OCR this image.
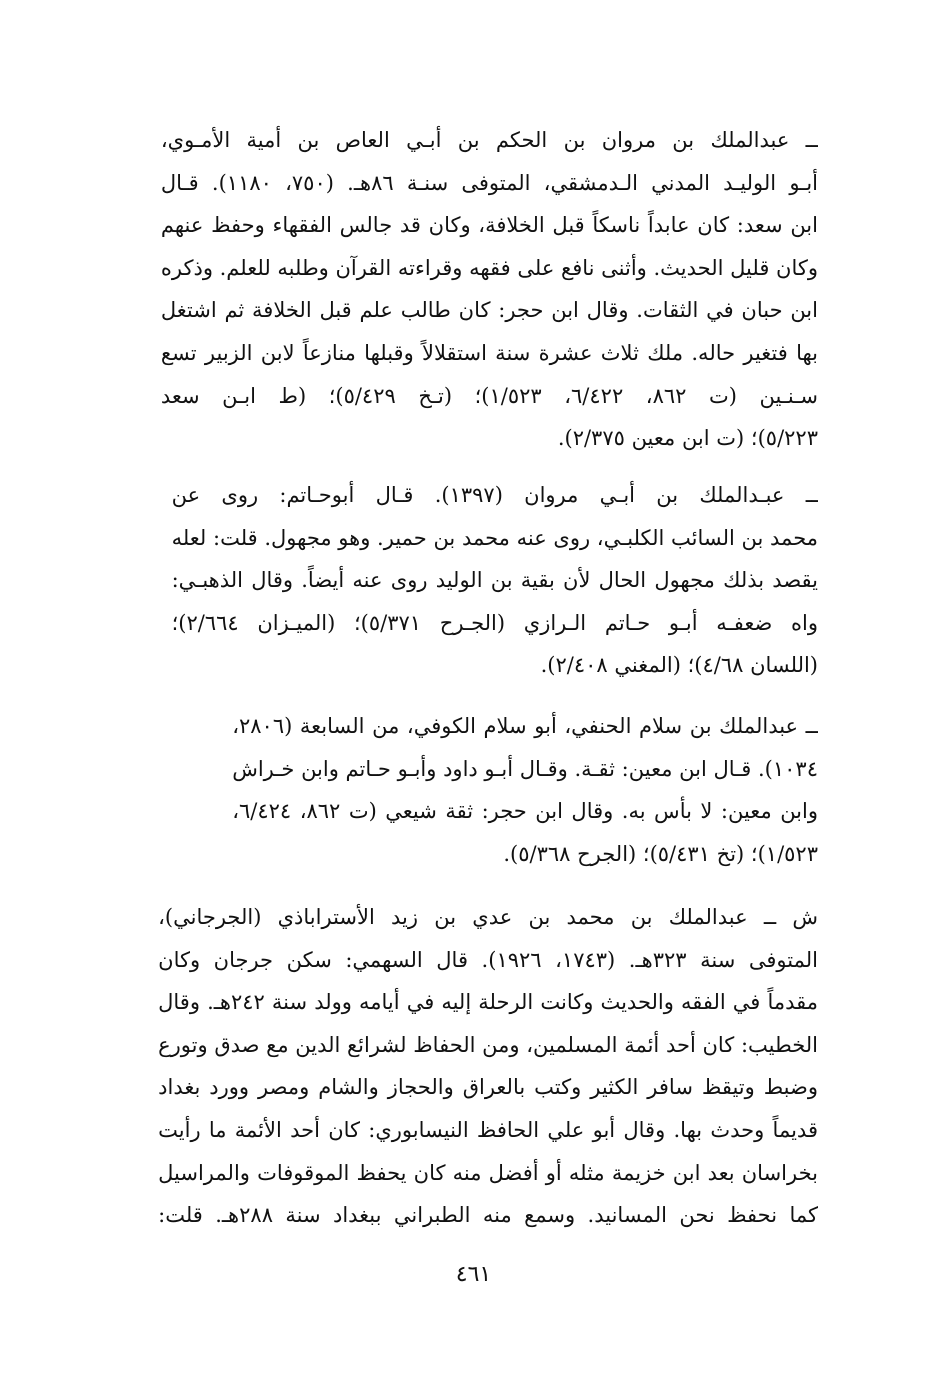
ــ عبدالملك بن مروان بن الحكم بن أبـي العاص بن أمية الأمـوي،
أبـو الوليـد المدني الـدمشقي، المتوفى سنـة ٨٦هـ. (٧٥٠، ١١٨٠). قـال
ابن سعد: كان عابداً ناسكاً قبل الخلافة، وكان قد جالس الفقهاء وحفظ عنهم
وكان قليل الحديث. وأثنى نافع على فقهه وقراءته القرآن وطلبه للعلم. وذكره
ابن حبان في الثقات. وقال ابن حجر: كان طالب علم قبل الخلافة ثم اشتغل
بها فتغير حاله. ملك ثلاث عشرة سنة استقلالاً وقبلها منازعاً لابن الزبير تسع
سـنـين (ت ٨٦٢، ٦/٤٢٢، ١/٥٢٣)؛ (تـخ ٥/٤٢٩)؛ (ط ابـن سعد
٥/٢٢٣)؛ (ت ابن معين ٢/٣٧٥).
ــ عبـدالملك بن أبـي مروان (١٣٩٧). قـال أبوحـاتم: روى عن
محمد بن السائب الكلبـي، روى عنه محمد بن حمير. وهو مجهول. قلت: لعله
يقصد بذلك مجهول الحال لأن بقية بن الوليد روى عنه أيضاً. وقال الذهبـي:
واه ضعفـه أبـو حـاتم الـرازي (الجـرح ٥/٣٧١)؛ (الميـزان ٢/٦٦٤)؛
(اللسان ٤/٦٨)؛ (المغني ٢/٤٠٨).
ــ عبدالملك بن سلام الحنفي، أبو سلام الكوفي، من السابعة (٢٨٠٦،
١٠٣٤). قـال ابن معين: ثقـة. وقـال أبـو داود وأبـو حـاتم وابن خـراش
وابن معين: لا بأس به. وقال ابن حجر: ثقة شيعي (ت ٨٦٢، ٦/٤٢٤،
١/٥٢٣)؛ (تخ ٥/٤٣١)؛ (الجرح ٥/٣٦٨).
ش ــ عبدالملك بن محمد بن عدي بن زيد الأستراباذي (الجرجاني)،
المتوفى سنة ٣٢٣هـ. (١٧٤٣، ١٩٢٦). قال السهمي: سكن جرجان وكان
مقدماً في الفقه والحديث وكانت الرحلة إليه في أيامه وولد سنة ٢٤٢هـ. وقال
الخطيب: كان أحد أئمة المسلمين، ومن الحفاظ لشرائع الدين مع صدق وتورع
وضبط وتيقظ سافر الكثير وكتب بالعراق والحجاز والشام ومصر وورد بغداد
قديماً وحدث بها. وقال أبو علي الحافظ النيسابوري: كان أحد الأئمة ما رأيت
بخراسان بعد ابن خزيمة مثله أو أفضل منه كان يحفظ الموقوفات والمراسيل
كما نحفظ نحن المسانيد. وسمع منه الطبراني ببغداد سنة ٢٨٨هـ. قلت:
٤٦١
